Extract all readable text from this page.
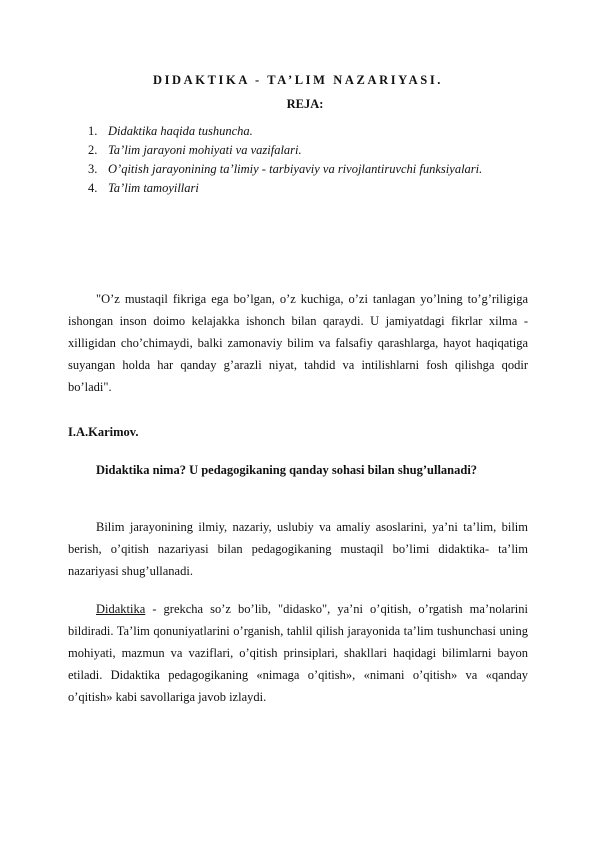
DIDAKTIKA - TA’LIM NAZARIYASI.
REJA:
1. Didaktika haqida tushuncha.
2. Ta’lim jarayoni mohiyati va vazifalari.
3. O’qitish jarayonining ta’limiy - tarbiyaviy va rivojlantiruvchi funksiyalari.
4. Ta’lim tamoyillari

"O’z mustaqil fikriga ega bo’lgan, o’z kuchiga, o’zi tanlagan yo’lning to’g’riligiga ishongan inson doimo kelajakka ishonch bilan qaraydi. U jamiyatdagi fikrlar xilma - xilligidan cho’chimaydi, balki zamonaviy bilim va falsafiy qarashlarga, hayot haqiqatiga suyangan holda har qanday g’arazli niyat, tahdid va intilishlarni fosh qilishga qodir bo’ladi".

I.A.Karimov.

Didaktika nima? U pedagogikaning qanday sohasi bilan shug’ullanadi?

Bilim jarayonining ilmiy, nazariy, uslubiy va amaliy asoslarini, ya’ni ta’lim, bilim berish, o’qitish nazariyasi bilan pedagogikaning mustaqil bo’limi didaktika- ta’lim nazariyasi shug’ullanadi.

Didaktika - grekcha so’z bo’lib, "didasko", ya’ni o’qitish, o’rgatish ma’nolarini bildiradi. Ta’lim qonuniyatlarini o’rganish, tahlil qilish jarayonida ta’lim tushunchasi uning mohiyati, mazmun va vaziflari, o’qitish prinsiplari, shakllari haqidagi bilimlarni bayon etiladi. Didaktika pedagogikaning «nimaga o’qitish», «nimani o’qitish» va «qanday o’qitish» kabi savollariga javob izlaydi.
